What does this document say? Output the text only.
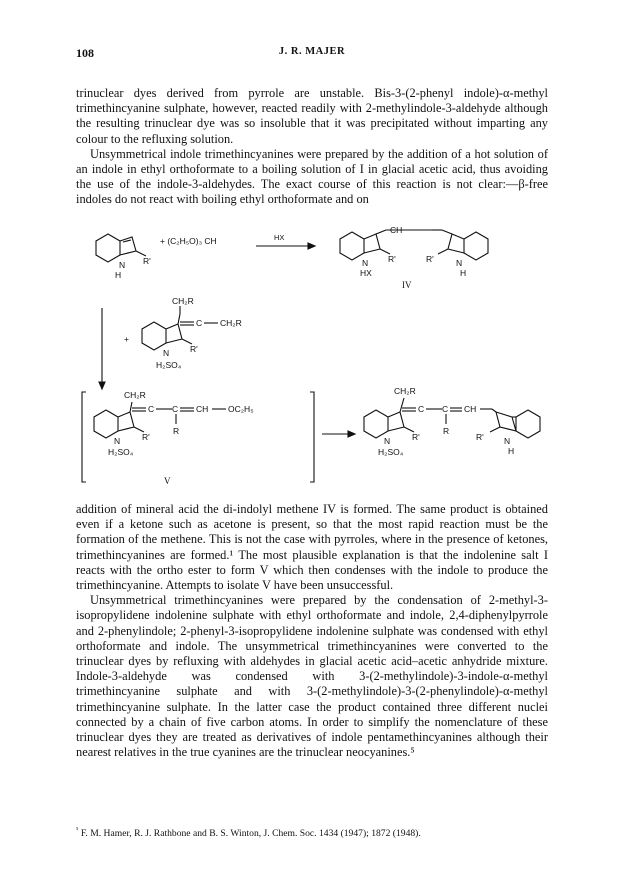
108	J. R. MAJER

trinuclear dyes derived from pyrrole are unstable. Bis-3-(2-phenyl indole)-α-methyl trimethincyanine sulphate, however, reacted readily with 2-methylindole-3-aldehyde although the resulting trinuclear dye was so insoluble that it was precipitated without imparting any colour to the refluxing solution.

Unsymmetrical indole trimethincyanines were prepared by the addition of a hot solution of an indole in ethyl orthoformate to a boiling solution of I in glacial acetic acid, thus avoiding the use of the indole-3-aldehydes. The exact course of this reaction is not clear:—β-free indoles do not react with boiling ethyl orthoformate and on

N
H
R'
+ (C₂H₅O)₃ CH	HX
CH
N
HX
R'	N
H
R'
IV
+
CH₂R
C CH₂R
N R'
H₂SO₄
CH₂R
C C
R
CH OC₂H₅
N	R'
H₂SO₄
V
CH₂R
C C
R
CH
N	R'
H₂SO₄
R' N
H

addition of mineral acid the di-indolyl methene IV is formed. The same product is obtained even if a ketone such as acetone is present, so that the most rapid reaction must be the formation of the methene. This is not the case with pyrroles, where in the presence of ketones, trimethincyanines are formed.¹ The most plausible explanation is that the indolenine salt I reacts with the ortho ester to form V which then condenses with the indole to produce the trimethincyanine. Attempts to isolate V have been unsuccessful.

Unsymmetrical trimethincyanines were prepared by the condensation of 2-methyl-3-isopropylidene indolenine sulphate with ethyl orthoformate and indole, 2,4-diphenylpyrrole and 2-phenylindole; 2-phenyl-3-isopropylidene indolenine sulphate was condensed with ethyl orthoformate and indole. The unsymmetrical trimethincyanines were converted to the trinuclear dyes by refluxing with aldehydes in glacial acetic acid–acetic anhydride mixture. Indole-3-aldehyde was condensed with 3-(2-methylindole)-3-indole-α-methyl trimethincyanine sulphate and with 3-(2-methylindole)-3-(2-phenylindole)-α-methyl trimethincyanine sulphate. In the latter case the product contained three different nuclei connected by a chain of five carbon atoms. In order to simplify the nomenclature of these trinuclear dyes they are treated as derivatives of indole pentamethincyanines although their nearest relatives in the true cyanines are the trinuclear neocyanines.⁵

$^{^5}$ F. M. Hamer, R. J. Rathbone and B. S. Winton, J. Chem. Soc. 1434 (1947); 1872 (1948).
